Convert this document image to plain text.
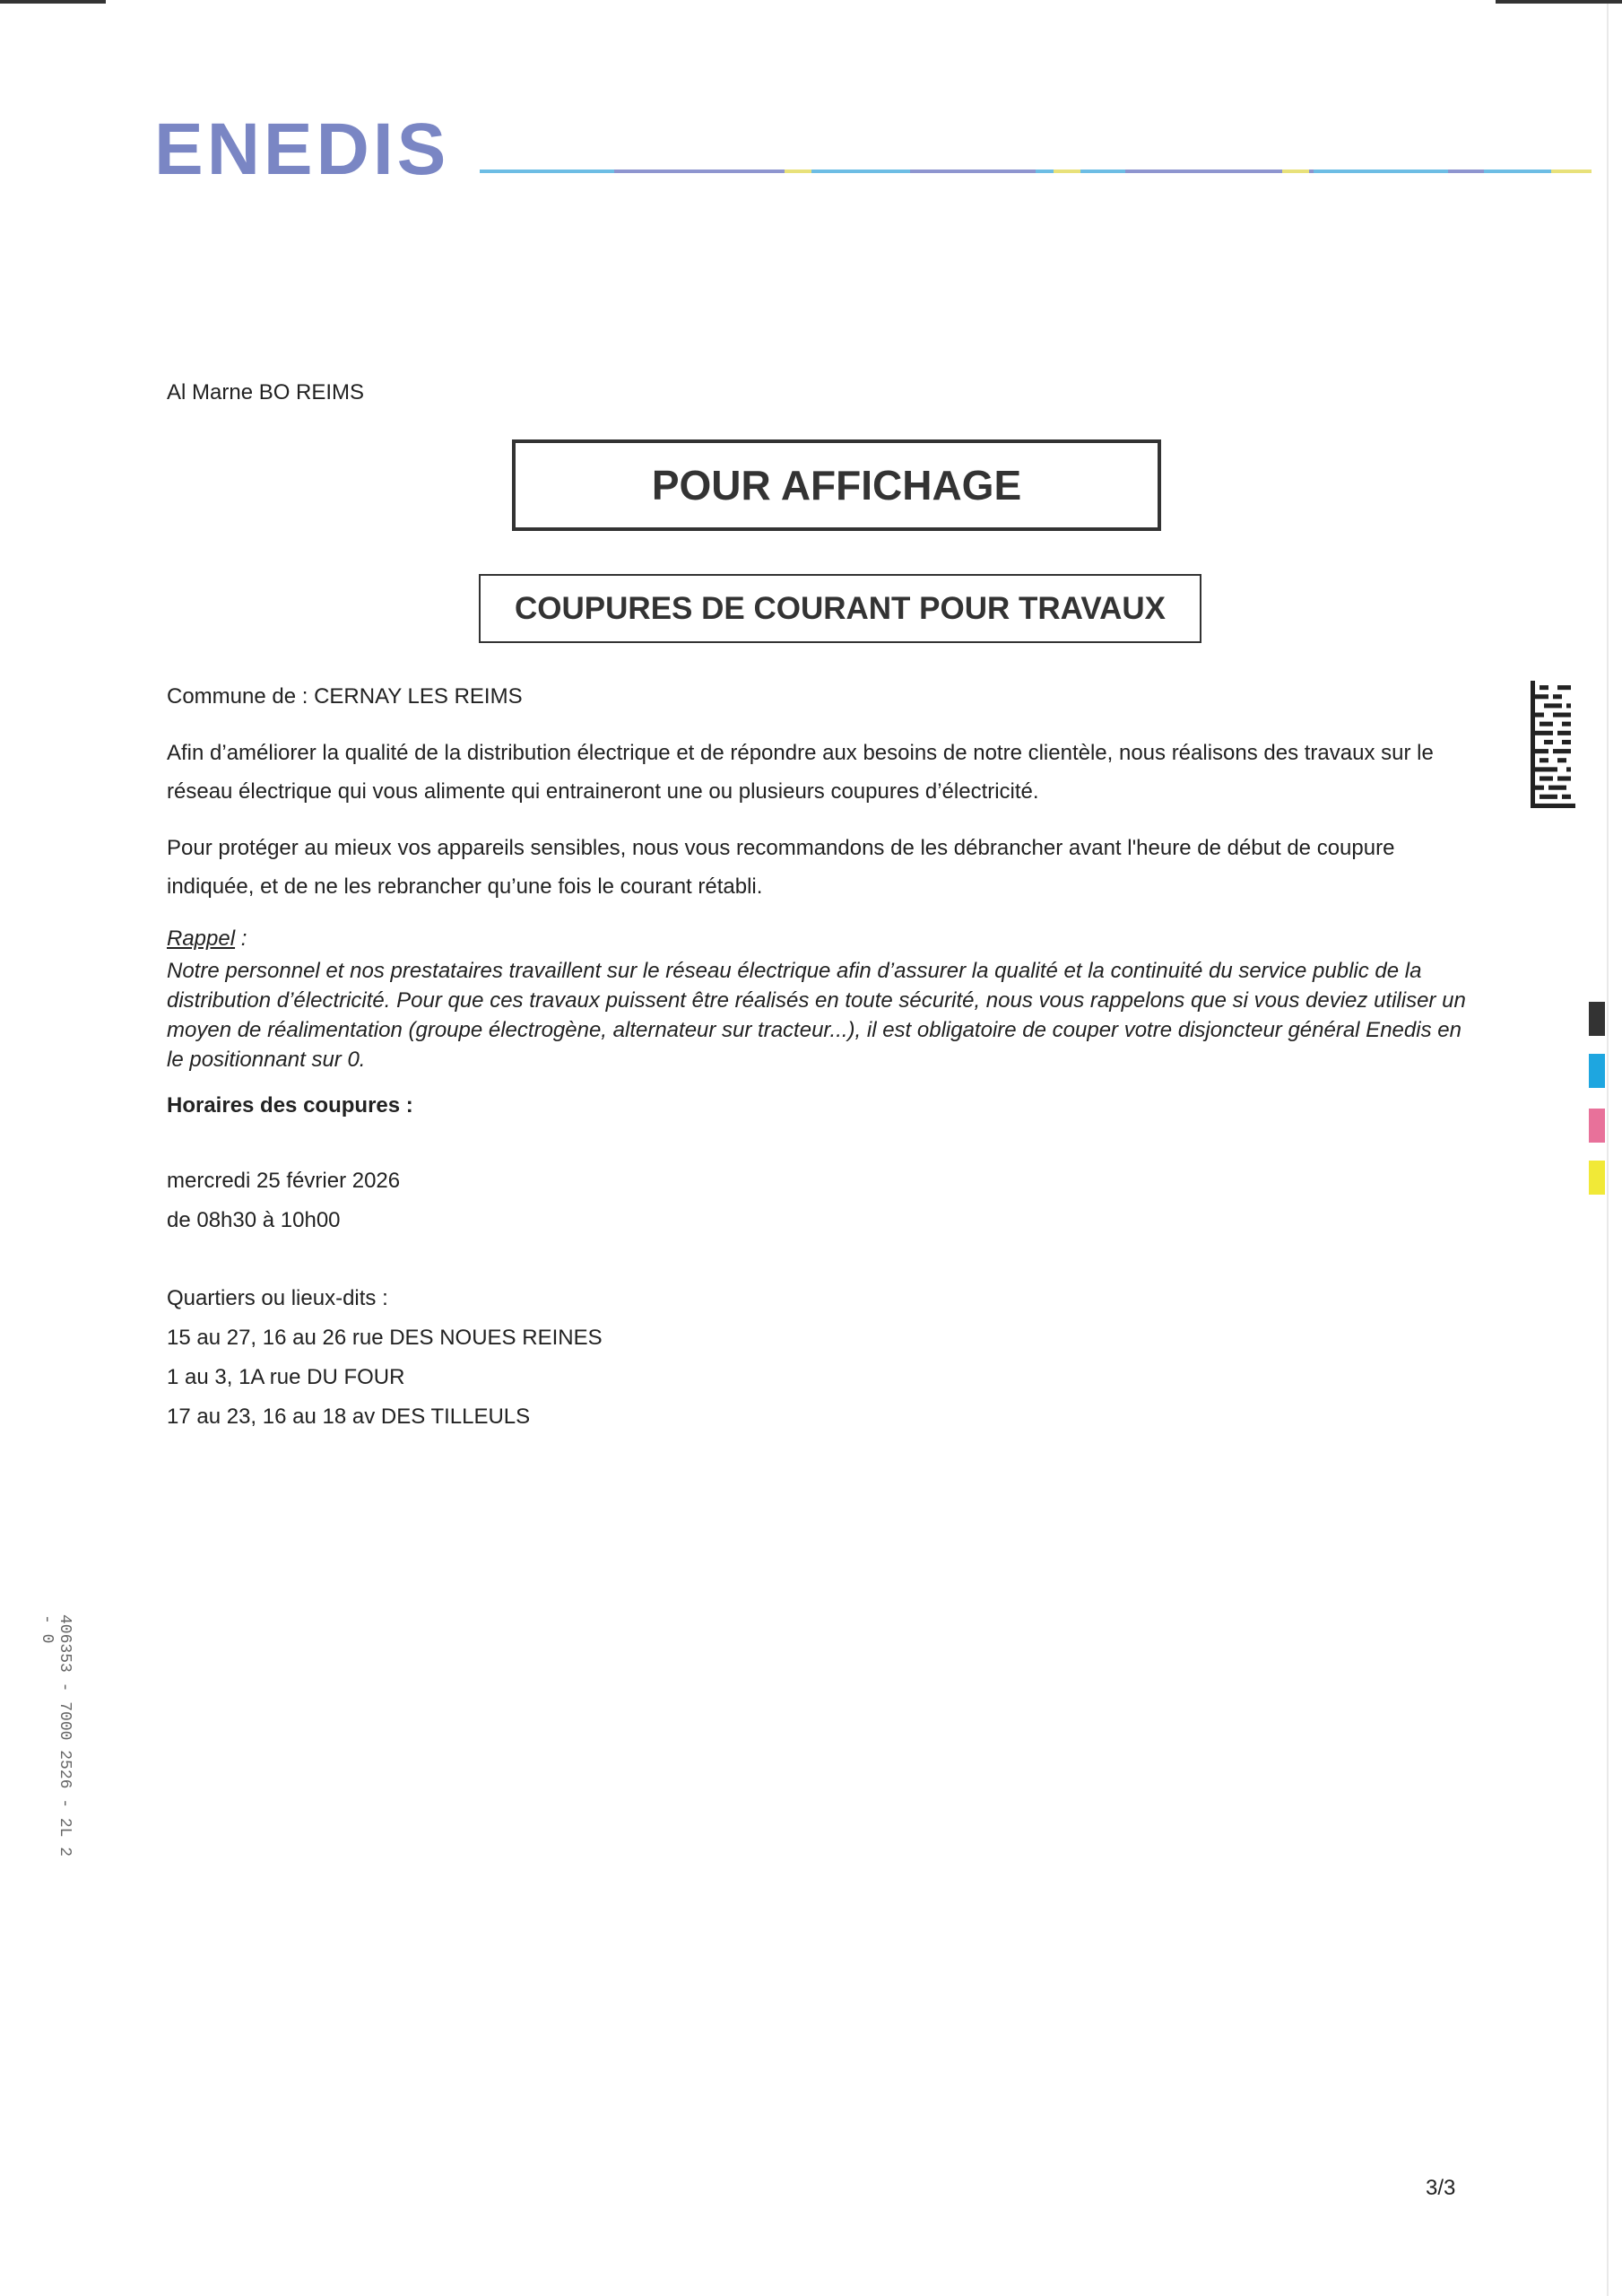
ENEDIS
Al Marne BO REIMS
POUR AFFICHAGE
COUPURES DE COURANT POUR TRAVAUX
Commune de : CERNAY LES REIMS
Afin d’améliorer la qualité de la distribution électrique et de répondre aux besoins de notre clientèle, nous réalisons des travaux sur le réseau électrique qui vous alimente qui entraineront une ou plusieurs coupures d’électricité.
Pour protéger au mieux vos appareils sensibles, nous vous recommandons de les débrancher avant l'heure de début de coupure indiquée, et de ne les rebrancher qu’une fois le courant rétabli.
Rappel :
Notre personnel et nos prestataires travaillent sur le réseau électrique afin d’assurer la qualité et la continuité du service public de la distribution d’électricité. Pour que ces travaux puissent être réalisés en toute sécurité, nous vous rappelons que si vous deviez utiliser un moyen de réalimentation (groupe électrogène, alternateur sur tracteur...), il est obligatoire de couper votre disjoncteur général Enedis en le positionnant sur 0.
Horaires des coupures :
mercredi 25 février 2026
de 08h30 à 10h00
Quartiers ou lieux-dits :
15 au 27, 16 au 26 rue DES NOUES REINES
1 au 3, 1A rue DU FOUR
17 au 23, 16 au 18 av DES TILLEULS
406353 - 7000 2526 - 2L 2 - 0
3/3
